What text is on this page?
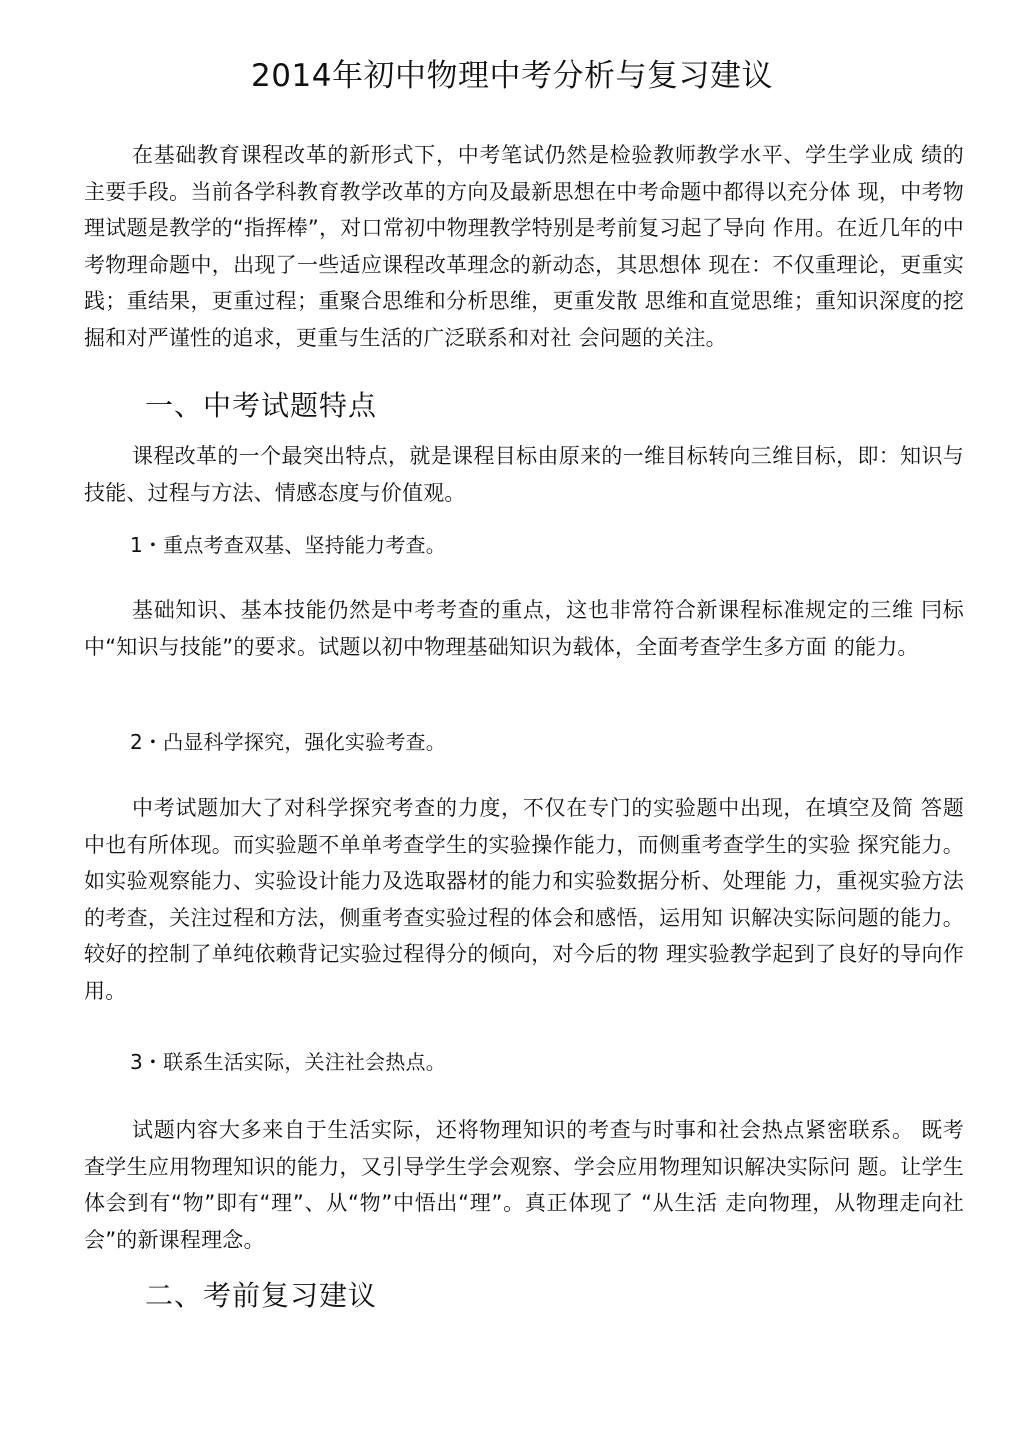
2014年初中物理中考分析与复习建议

在基础教育课程改革的新形式下，中考笔试仍然是检验教师教学水平、学生学业成 绩的主要手段。当前各学科教育教学改革的方向及最新思想在中考命题中都得以充分体 现，中考物理试题是教学的“指挥棒”，对口常初中物理教学特别是考前复习起了导向 作用。在近几年的中考物理命题中，出现了一些适应课程改革理念的新动态，其思想体 现在：不仅重理论，更重实践；重结果，更重过程；重聚合思维和分析思维，更重发散 思维和直觉思维；重知识深度的挖掘和对严谨性的追求，更重与生活的广泛联系和对社 会问题的关注。

一、中考试题特点

课程改革的一个最突出特点，就是课程目标由原来的一维目标转向三维目标，即：知识与技能、过程与方法、情感态度与价值观。

1・重点考查双基、坚持能力考查。

基础知识、基本技能仍然是中考考查的重点，这也非常符合新课程标准规定的三维 冃标中“知识与技能”的要求。试题以初中物理基础知识为载体，全面考查学生多方面 的能力。

2・凸显科学探究，强化实验考查。

中考试题加大了对科学探究考查的力度，不仅在专门的实验题中出现，在填空及简 答题中也有所体现。而实验题不单单考查学生的实验操作能力，而侧重考查学生的实验 探究能力。如实验观察能力、实验设计能力及选取器材的能力和实验数据分析、处理能 力，重视实验方法的考查，关注过程和方法，侧重考查实验过程的体会和感悟，运用知 识解决实际问题的能力。较好的控制了单纯依赖背记实验过程得分的倾向，对今后的物 理实验教学起到了良好的导向作用。

3・联系生活实际，关注社会热点。

试题内容大多来自于生活实际，还将物理知识的考查与时事和社会热点紧密联系。 既考查学生应用物理知识的能力，又引导学生学会观察、学会应用物理知识解决实际问 题。让学生体会到有“物”即有“理”、从“物”中悟出“理”。真正体现了 “从生活 走向物理，从物理走向社会”的新课程理念。

二、考前复习建议
